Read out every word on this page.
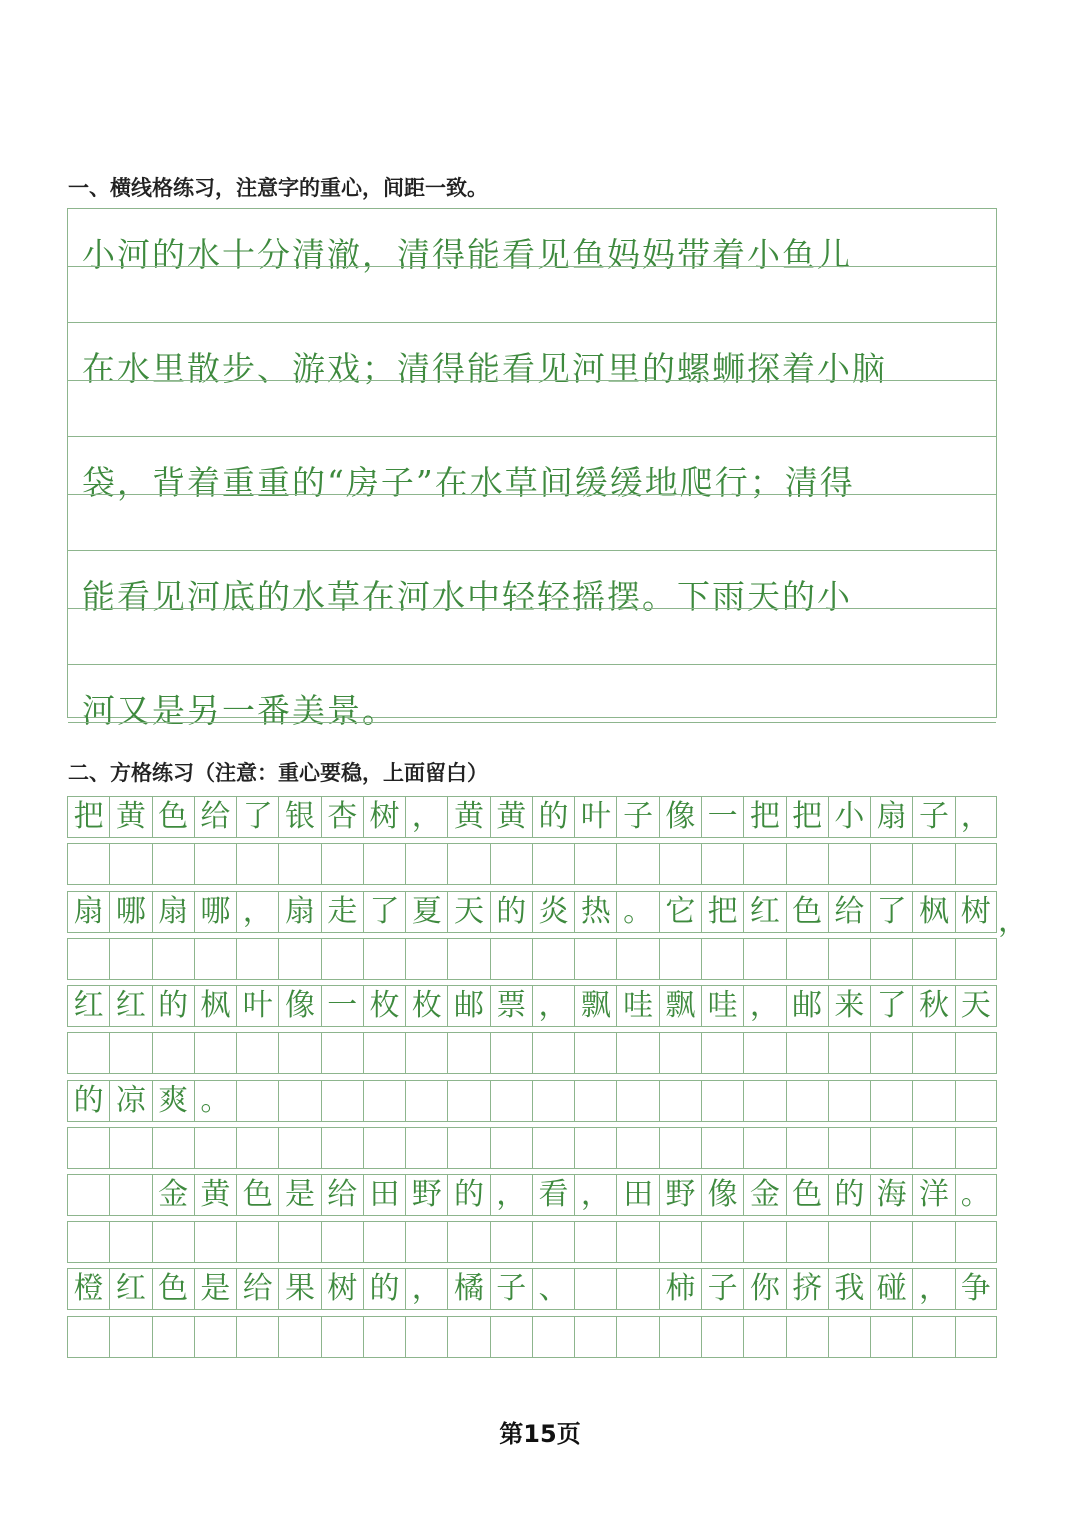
一、横线格练习，注意字的重心，间距一致。
小河的水十分清澈，清得能看见鱼妈妈带着小鱼儿
在水里散步、游戏；清得能看见河里的螺蛳探着小脑
袋，背着重重的“房子”在水草间缓缓地爬行；清得
能看见河底的水草在河水中轻轻摇摆。下雨天的小
河又是另一番美景。
二、方格练习（注意：重心要稳，上面留白）
把 黄 色 给 了 银 杏 树 ， 黄 黄 的 叶 子 像 一 把 把 小 扇 子 ，
扇 哪 扇 哪 ， 扇 走 了 夏 天 的 炎 热 。 它 把 红 色 给 了 枫 树
红 红 的 枫 叶 像 一 枚 枚 邮 票 ， 飘 哇 飘 哇 ， 邮 来 了 秋 天
的 凉 爽 。
金 黄 色 是 给 田 野 的 ， 看 ， 田 野 像 金 色 的 海 洋 。
橙 红 色 是 给 果 树 的 ， 橘 子 、	柿 子 你 挤 我 碰 ， 争
，
第15页
